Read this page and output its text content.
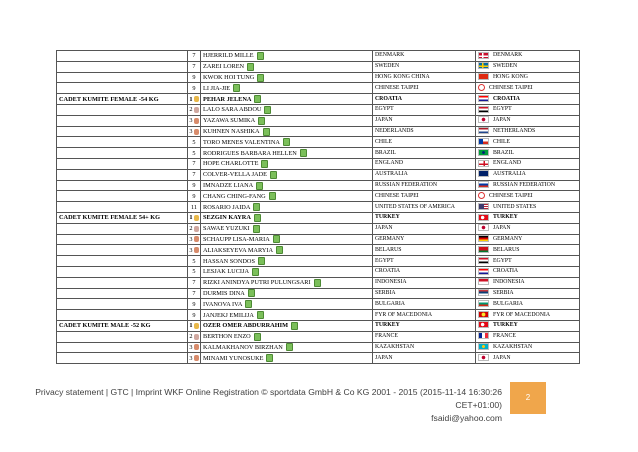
	7	HJERRILD MILLE	DENMARK	DENMARK
	7	ZAREI LOREN	SWEDEN	SWEDEN
	9	KWOK HOI TUNG	HONG KONG CHINA	HONG KONG
	9	LI JIA-JIE	CHINESE TAIPEI	CHINESE TAIPEI
CADET KUMITE FEMALE -54 KG	1	PEHAR JELENA	CROATIA	CROATIA
	2	LALO SARA ABDOU	EGYPT	EGYPT
	3	YAZAWA SUMIKA	JAPAN	JAPAN
	3	KUHNEN NASHIKA	NEDERLANDS	NETHERLANDS
	5	TORO MENES VALENTINA	CHILE	CHILE
	5	RODRIGUES BARBARA HELLEN	BRAZIL	BRAZIL
	7	HOPE CHARLOTTE	ENGLAND	ENGLAND
	7	COLVER-VELLA JADE	AUSTRALIA	AUSTRALIA
	9	IMNADZE LIANA	RUSSIAN FEDERATION	RUSSIAN FEDERATION
	9	CHANG CHING-FANG	CHINESE TAIPEI	CHINESE TAIPEI
	11	ROSARIO JAIDA	UNITED STATES OF AMERICA	UNITED STATES
CADET KUMITE FEMALE 54+ KG	1	SEZGIN KAYRA	TURKEY	TURKEY
	2	SAWAE YUZUKI	JAPAN	JAPAN
	3	SCHAUPP LISA-MARIA	GERMANY	GERMANY
	3	ALIAKSEYEVA MARYIA	BELARUS	BELARUS
	5	HASSAN SONDOS	EGYPT	EGYPT
	5	LESJAK LUCIJA	CROATIA	CROATIA
	7	RIZKI ANINDYA PUTRI PULUNGSARI	INDONESIA	INDONESIA
	7	DURMIS DINA	SERBIA	SERBIA
	9	IVANOVA IVA	BULGARIA	BULGARIA
	9	JANJEKJ EMILIJA	FYR OF MACEDONIA	FYR OF MACEDONIA
CADET KUMITE MALE -52 KG	1	OZER OMER ABDURRAHIM	TURKEY	TURKEY
	2	BERTHON ENZO	FRANCE	FRANCE
	3	KALMAKHANOV BIRZHAN	KAZAKHSTAN	KAZAKHSTAN
	3	MINAMI YUNOSUKE	JAPAN	JAPAN
Privacy statement | GTC | Imprint WKF Online Registration © sportdata GmbH & Co KG 2001 - 2015 (2015-11-14 16:30:26 CET+01:00)
fsaidi@yahoo.com
2
